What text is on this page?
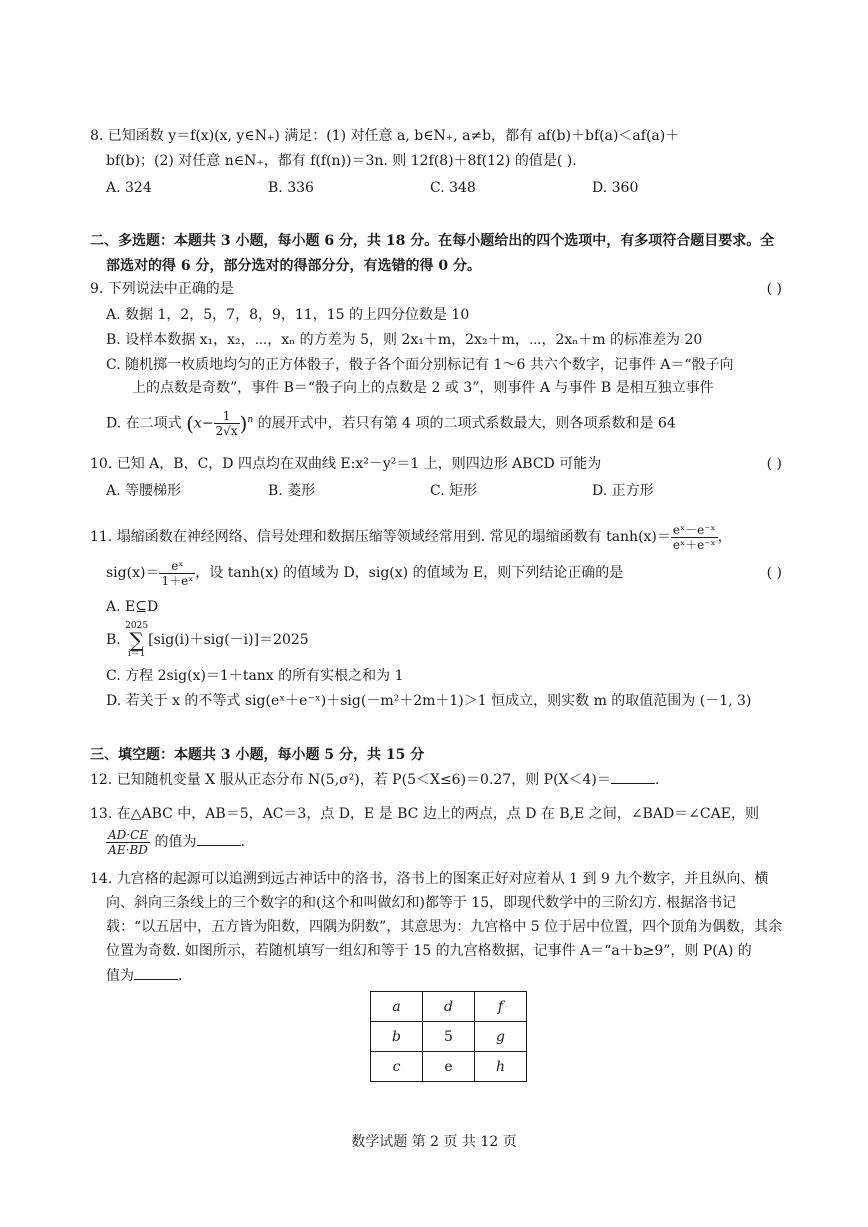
8. 已知函数 y＝f(x)(x, y∈N₊) 满足：(1) 对任意 a, b∈N₊, a≠b，都有 af(b)＋bf(a)＜af(a)＋
bf(b)；(2) 对任意 n∈N₊，都有 f(f(n))＝3n. 则 12f(8)＋8f(12) 的值是( ).
A. 324	B. 336	C. 348	D. 360
二、多选题：本题共 3 小题，每小题 6 分，共 18 分。在每小题给出的四个选项中，有多项符合题目要求。全
部选对的得 6 分，部分选对的得部分分，有选错的得 0 分。
9. 下列说法中正确的是	( )
A. 数据 1，2，5，7，8，9，11，15 的上四分位数是 10
B. 设样本数据 x₁，x₂，⋯，xₙ 的方差为 5，则 2x₁＋m，2x₂＋m，⋯，2xₙ＋m 的标准差为 20
C. 随机掷一枚质地均匀的正方体骰子，骰子各个面分别标记有 1～6 共六个数字，记事件 A＝“骰子向
上的点数是奇数”，事件 B＝“骰子向上的点数是 2 或 3”，则事件 A 与事件 B 是相互独立事件
D. 在二项式 $(x- \frac{1}{2√x} )^n$ 的展开式中，若只有第 4 项的二项式系数最大，则各项系数和是 64
10. 已知 A，B，C，D 四点均在双曲线 E:x²－y²＝1 上，则四边形 ABCD 可能为	( )
A. 等腰梯形	B. 菱形	C. 矩形	D. 正方形
11. 塌缩函数在神经网络、信号处理和数据压缩等领域经常用到. 常见的塌缩函数有 $\tanh(x)= \frac{\text{eˣ－e⁻ˣ}}{\text{eˣ＋e⁻ˣ}}$ ，
$sig(x)= \frac{\text{eˣ}}{\text{1＋eˣ}}$ ，设 tanh(x) 的值域为 D，sig(x) 的值域为 E，则下列结论正确的是	( )
A. E⊆D
B. 2025
∑
i＝1[sig(i)＋sig(－i)]＝2025
C. 方程 2sig(x)＝1＋tanx 的所有实根之和为 1
D. 若关于 x 的不等式 sig(eˣ＋e⁻ˣ)＋sig(－m²＋2m＋1)＞1 恒成立，则实数 m 的取值范围为 (－1, 3)
三、填空题：本题共 3 小题，每小题 5 分，共 15 分
12. 已知随机变量 X 服从正态分布 N(5,σ²)，若 P(5＜X≤6)＝0.27，则 P(X＜4)＝	.
13. 在△ABC 中，AB＝5，AC＝3，点 D，E 是 BC 边上的两点，点 D 在 B,E 之间，∠BAD＝∠CAE，则
$\frac{AD\cdot CE}{AE\cdot BD}$ 的值为	.
14. 九宫格的起源可以追溯到远古神话中的洛书，洛书上的图案正好对应着从 1 到 9 九个数字，并且纵向、横
向、斜向三条线上的三个数字的和(这个和叫做幻和)都等于 15，即现代数学中的三阶幻方. 根据洛书记
载：“以五居中，五方皆为阳数，四隅为阴数”，其意思为：九宫格中 5 位于居中位置，四个顶角为偶数，其余
位置为奇数. 如图所示，若随机填写一组幻和等于 15 的九宫格数据，记事件 A＝“a＋b≥9”，则 P(A) 的
值为	.
a	d	f
b	5	g
c	e	h
数学试题 第 2 页 共 12 页
